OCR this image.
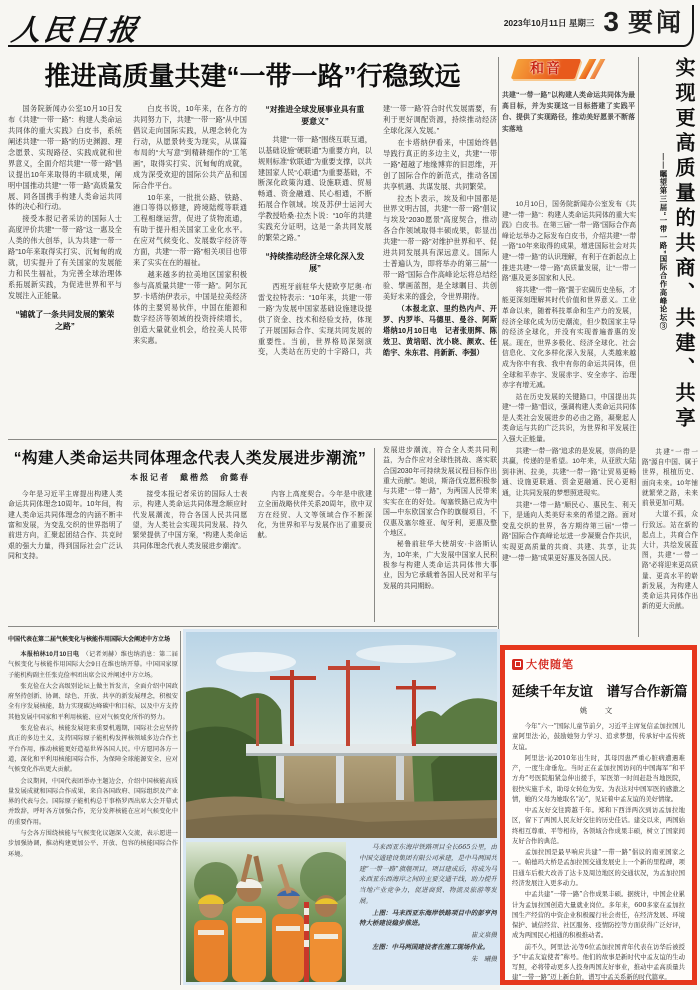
人民日报	2023年10月11日 星期三 3 要闻
推进高质量共建“一带一路”行稳致远

国务院新闻办公室10月10日发布《共建“一带一路”：构建人类命运共同体的重大实践》白皮书，系统阐述共建“一带一路”的历史渊源、理念愿景、实现路径、实践成就和世界意义，全面介绍共建“一带一路”倡议提出10年来取得的丰硕成果，阐明中国推动共建“一带一路”高质量发展、同各国携手构建人类命运共同体的决心和行动。

接受本报记者采访的国际人士高度评价共建“一带一路”这一惠及全人类的伟大创举，认为共建“一带一路”10年来取得实打实、沉甸甸的成就，切实提升了有关国家的发展能力和民生福祉，为完善全球治理体系拓展新实践，为促进世界和平与发展注入正能量。

“铺就了一条共同发展的繁荣之路”

白皮书说，10年来，在各方的共同努力下，共建“一带一路”从中国倡议走向国际实践，从理念转化为行动，从愿景转变为现实，从谋篇布局的“大写意”到精耕细作的“工笔画”，取得实打实、沉甸甸的成就，成为深受欢迎的国际公共产品和国际合作平台。

10年来，一批批公路、铁路、港口等得以修建，跨境陆缆等联通工程相继运营，促进了货物流通，有助于提升相关国家工业化水平。在应对气候变化、发展数字经济等方面，共建“一带一路”相关项目也带来了实实在在的福祉。

越来越多的拉美地区国家积极参与高质量共建“一带一路”。阿尔瓦罗·卡塔纳伊表示，中国是拉美经济体的主要贸易伙伴，中国在能源和数字经济等领域的投资持续增长，创造大量就业机会，给拉美人民带来实惠。

“对推进全球发展事业具有重要意义”

共建“一带一路”围绕互联互通，以基础设施“硬联通”为重要方向，以规则标准“软联通”为重要支撑，以共建国家人民“心联通”为重要基础，不断深化政策沟通、设施联通、贸易畅通、资金融通、民心相通，不断拓展合作领域。埃及苏伊士运河大学教授哈桑·拉杰卜说：“10年的共建实践充分证明，这是一条共同发展的繁荣之路。”

“持续推动经济全球化深入发展”

西班牙前驻华大使欧亨尼奥·布雷戈拉特表示：“10年来，共建‘一带一路’为发展中国家基础设施建设提供了资金、技术和经验支持，体现了开展国际合作、实现共同发展的重要性。当前，世界格局深刻演变，人类站在历史的十字路口，共建‘一带一路’符合时代发展需要，有利于更好调配资源，持续推动经济全球化深入发展。”

在卡塔纳伊看来，中国始终倡导践行真正的多边主义，共建“一带一路”超越了地缘博弈的旧思维，开创了国际合作的新范式，推动各国共享机遇、共谋发展、共同繁荣。

拉杰卜表示，埃及和中国都是世界文明古国，共建“一带一路”倡议与埃及“2030愿景”高度契合，推动各合作领域取得丰硕成果，彰显出共建“一带一路”对维护世界和平、促进共同发展具有深远意义。国际人士普遍认为，即将举办的第三届“一带一路”国际合作高峰论坛将总结经验、擘画蓝图，是全球瞩目、共创美好未来的盛会，令世界期待。

（本报北京、里约热内卢、开罗、内罗毕、马德里、曼谷、阿斯塔纳10月10日电　记者张朋辉、陈效卫、黄培昭、沈小晓、颜欢、任皓宇、朱东君、肖新新、李强）

和音
共建“一带一路”以构建人类命运共同体为最高目标，并为实现这一目标搭建了实践平台、提供了实现路径，推动美好愿景不断落实落地

10月10日，国务院新闻办公室发布《共建“一带一路”：构建人类命运共同体的重大实践》白皮书。在第三届“一带一路”国际合作高峰论坛举办之际发布白皮书，介绍共建“一带一路”10年来取得的成果，增进国际社会对共建“一带一路”的认识理解，有利于在新起点上推进共建“一带一路”高质量发展，让“一带一路”惠及更多国家和人民。

将共建“一带一路”置于宏阔历史坐标，才能更深刻理解其时代价值和世界意义。工业革命以来，随着科技革命和生产力的发展，经济全球化成为历史潮流，但少数国家主导的经济全球化，并没有实现普遍普惠的发展。现在，世界多极化、经济全球化、社会信息化、文化多样化深入发展，人类越来越成为你中有我、我中有你的命运共同体，但全球和平赤字、发展赤字、安全赤字、治理赤字有增无减。

站在历史发展的关键路口，中国提出共建“一带一路”倡议，强调构建人类命运共同体是人类社会发展进步的必由之路，凝聚起人类命运与共的广泛共识，为世界和平发展注入强大正能量。

共建“一带一路”追求的是发展，崇尚的是共赢，传递的是希望。10年来，从亚欧大陆到非洲、拉美，共建“一带一路”让贸易更畅通、设施更联通、资金更融通、民心更相通，让共同发展的梦想照进现实。

共建“一带一路”顺民心、惠民生、利天下，是通向人类美好未来的希望之路。面对变乱交织的世界，各方期待第三届“一带一路”国际合作高峰论坛进一步凝聚合作共识，实现更高质量的共商、共建、共享，让共建“一带一路”成果更好惠及各国人民。

实现更高质量的共商、共建、共享
——瞩望第三届“一带一路”国际合作高峰论坛③

共建“一带一路”源自中国、属于世界，根植历史、面向未来。10年铺就繁荣之路，未来前景更加可期。

大道不孤，众行致远。站在新的起点上，共商合作大计，共绘发展蓝图，共建“一带一路”必将迎来更高质量、更高水平的崭新发展，为构建人类命运共同体作出新的更大贡献。

“构建人类命运共同体理念代表人类发展进步潮流”
本报记者　戴楷然　俞懿春

今年是习近平主席提出构建人类命运共同体理念10周年。10年间，构建人类命运共同体理念的内涵不断丰富和发展，为变乱交织的世界指明了前进方向，汇聚起团结合作、共克时艰的强大力量，得到国际社会广泛认同和支持。

接受本报记者采访的国际人士表示，构建人类命运共同体理念顺应时代发展潮流，符合各国人民共同愿望，为人类社会实现共同发展、持久繁荣提供了中国方案，“构建人类命运共同体理念代表人类发展进步潮流”。

内容上高度契合。今年是中欧建立全面战略伙伴关系20周年，欧中双方在经贸、人文等领域合作不断深化，为世界和平与发展作出了重要贡献。

发展进步潮流，符合全人类共同利益，为合作应对全球性挑战、落实联合国2030年可持续发展议程目标作出重大贡献”。她说，斯洛伐克愿积极参与共建“一带一路”，为两国人民带来实实在在的好处。匈塞铁路已成为中国—中东欧国家合作的旗舰项目，不仅惠及塞尔维亚、匈牙利，更惠及整个地区。

秘鲁前驻华大使胡安·卡洛斯认为，10年来，广大发展中国家人民积极参与构建人类命运共同体伟大事业，因为它承载着各国人民对和平与发展的共同期盼。

中国代表在第二届气候变化与核能作用国际大会阐述中方立场

本报柏林10月10日电　（记者刘赫）维也纳消息：第二届气候变化与核能作用国际大会9日在维也纳开幕。中国国家原子能机构副主任张克俭率团出席会议并阐述中方立场。

张克俭在大会高级别论坛上做主旨发言，全面介绍中国政府坚持创新、协调、绿色、开放、共享的新发展理念，积极安全有序发展核能，助力实现碳达峰碳中和目标，以及中方支持其他发展中国家和平利用核能、应对气候变化所作的努力。

张克俭表示，核能发展迎来重要机遇期，国际社会应坚持真正的多边主义，支持国际原子能机构发挥核领域多边合作主平台作用，推动核能更好造福世界各国人民。中方愿同各方一道，深化和平利用核能国际合作，为保障全球能源安全、应对气候变化作出更大贡献。

会议期间，中国代表团举办主题边会，介绍中国核能高质量发展成就和国际合作成果，来自各国政府、国际组织及产业界的代表与会。国际原子能机构总干事格罗西出席大会开幕式并致辞，呼吁各方加强合作，充分发挥核能在应对气候变化中的重要作用。

与会各方围绕核能与气候变化议题深入交流，表示愿进一步加强协调，推动构建更加公平、开放、包容的核能国际合作环境。

马来西亚东海岸铁路项目全长665公里，由中国交通建设集团有限公司承建，是中马两国共建“一带一路”旗舰项目。项目建成后，将成为马来西亚东西海岸之间的主要交通干线，助力提升当地产业竞争力，促进商贸、物流及旅游等发展。

上图：马来西亚东海岸铁路项目中的彭亨河特大桥建设稳步推进。

崔文泉摄

左图：中马两国建设者在施工现场作业。

朱　曦摄

大使随笔
延续千年友谊　谱写合作新篇
姚　文

今年“六一”国际儿童节前夕，习近平主席复信孟加拉国儿童阿里法·沁，鼓励她努力学习、追求梦想，传承好中孟传统友谊。

阿里法·沁2010年出生时，其母因患严重心脏病遭遇难产，一度生命垂危。当时正在孟加拉国访问的中国海军“和平方舟”号医院船紧急伸出援手，军医第一时间赶赴当地医院，很快实施手术，助母女转危为安。为表达对中国军医的感激之情，她的父母为她取名“沁”，见证着中孟友谊的美好情缘。

中孟友好交往跨越千年。郑和下西洋两次到访孟加拉地区，留下了两国人民友好交往的历史佳话。建交以来，两国始终相互尊重、平等相待，各领域合作成果丰硕，树立了国家间友好合作的典范。

孟加拉国是最早响应共建“一带一路”倡议的南亚国家之一。帕德玛大桥是孟加拉国交通发展史上一个新的里程碑，项目通车后极大改善了达卡及周边地区的交通状况，为孟加拉国经济发展注入更多动力。

中孟共建“一带一路”合作成果丰硕。据统计，中国企业累计为孟加拉国创造大量就业岗位。多年来，600多家在孟加拉国生产经营的中资企业积极履行社会责任，在经济发展、环境保护、诚信经营、社区服务、疫情防控等方面获得广泛好评，成为两国民心相通的积极推动者。

前不久，阿里法·沁等6位孟加拉国青年代表在访华后被授予“中孟友谊使者”称号。他们的故事是新时代中孟友谊的生动写照，必将带动更多人投身两国友好事业，推动中孟高质量共建“一带一路”迈上新台阶，谱写中孟关系新的时代篇章。
